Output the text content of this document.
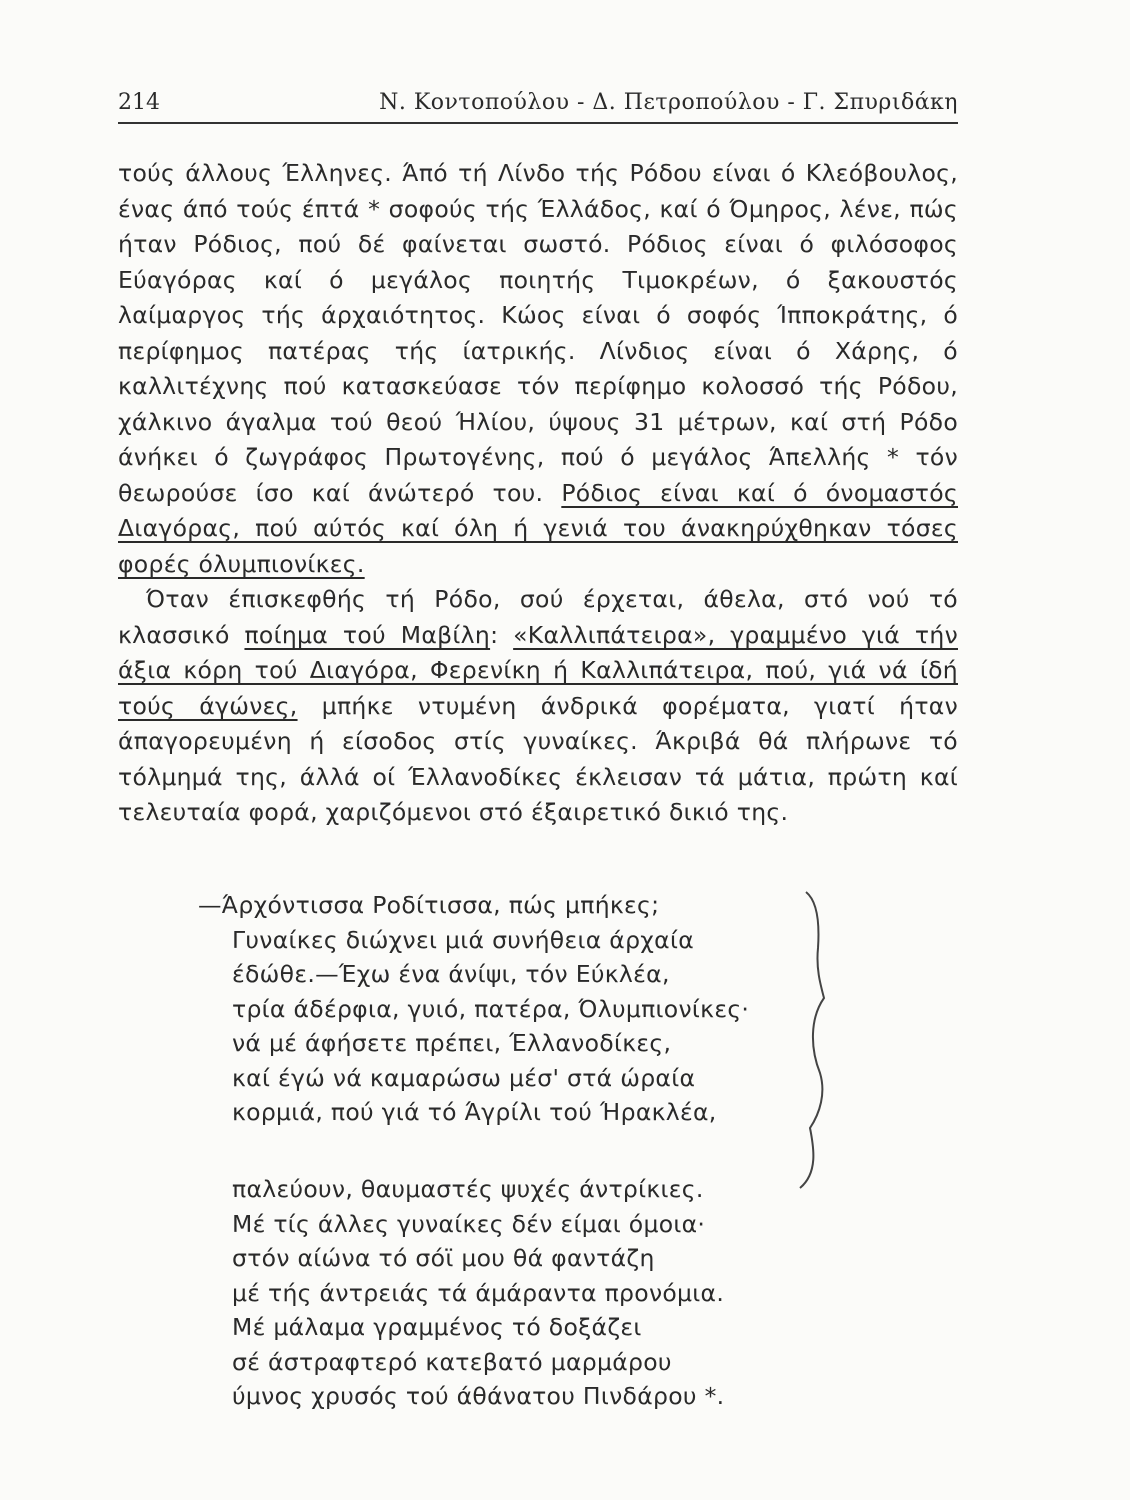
214	Ν. Κοντοπούλου - Δ. Πετροπούλου - Γ. Σπυριδάκη

τούς άλλους Έλληνες. Άπό τή Λίνδο τής Ρόδου είναι ό Κλεόβουλος, ένας άπό τούς έπτά * σοφούς τής Έλλάδος, καί ό Όμηρος, λένε, πώς ήταν Ρόδιος, πού δέ φαίνεται σωστό. Ρόδιος είναι ό φιλόσοφος Εύαγόρας καί ό μεγάλος ποιητής Τιμοκρέων, ό ξακουστός λαίμαργος τής άρχαιότητος. Κώος είναι ό σοφός Ίπποκράτης, ό περίφημος πατέρας τής ίατρικής. Λίνδιος είναι ό Χάρης, ό καλλιτέχνης πού κατασκεύασε τόν περίφημο κολοσσό τής Ρόδου, χάλκινο άγαλμα τού θεού Ήλίου, ύψους 31 μέτρων, καί στή Ρόδο άνήκει ό ζωγράφος Πρωτογένης, πού ό μεγάλος Άπελλής * τόν θεωρούσε ίσο καί άνώτερό του. Ρόδιος είναι καί ό όνομαστός Διαγόρας, πού αύτός καί όλη ή γενιά του άνακηρύχθηκαν τόσες φορές όλυμπιονίκες.

Όταν έπισκεφθής τή Ρόδο, σού έρχεται, άθελα, στό νού τό κλασσικό ποίημα τού Μαβίλη: «Καλλιπάτειρα», γραμμένο γιά τήν άξια κόρη τού Διαγόρα, Φερενίκη ή Καλλιπάτειρα, πού, γιά νά ίδή τούς άγώνες, μπήκε ντυμένη άνδρικά φορέματα, γιατί ήταν άπαγορευμένη ή είσοδος στίς γυναίκες. Άκριβά θά πλήρωνε τό τόλμημά της, άλλά οί Έλλανοδίκες έκλεισαν τά μάτια, πρώτη καί τελευταία φορά, χαριζόμενοι στό έξαιρετικό δικιό της.

—Άρχόντισσα Ροδίτισσα, πώς μπήκες;
Γυναίκες διώχνει μιά συνήθεια άρχαία
έδώθε.—Έχω ένα άνίψι, τόν Εύκλέα,
τρία άδέρφια, γυιό, πατέρα, Όλυμπιονίκες·
νά μέ άφήσετε πρέπει, Έλλανοδίκες,
καί έγώ νά καμαρώσω μέσ' στά ώραία
κορμιά, πού γιά τό Άγρίλι τού Ήρακλέα,
παλεύουν, θαυμαστές ψυχές άντρίκιες.
Μέ τίς άλλες γυναίκες δέν είμαι όμοια·
στόν αίώνα τό σόϊ μου θά φαντάζη
μέ τής άντρειάς τά άμάραντα προνόμια.
Μέ μάλαμα γραμμένος τό δοξάζει
σέ άστραφτερό κατεβατό μαρμάρου
ύμνος χρυσός τού άθάνατου Πινδάρου *.
